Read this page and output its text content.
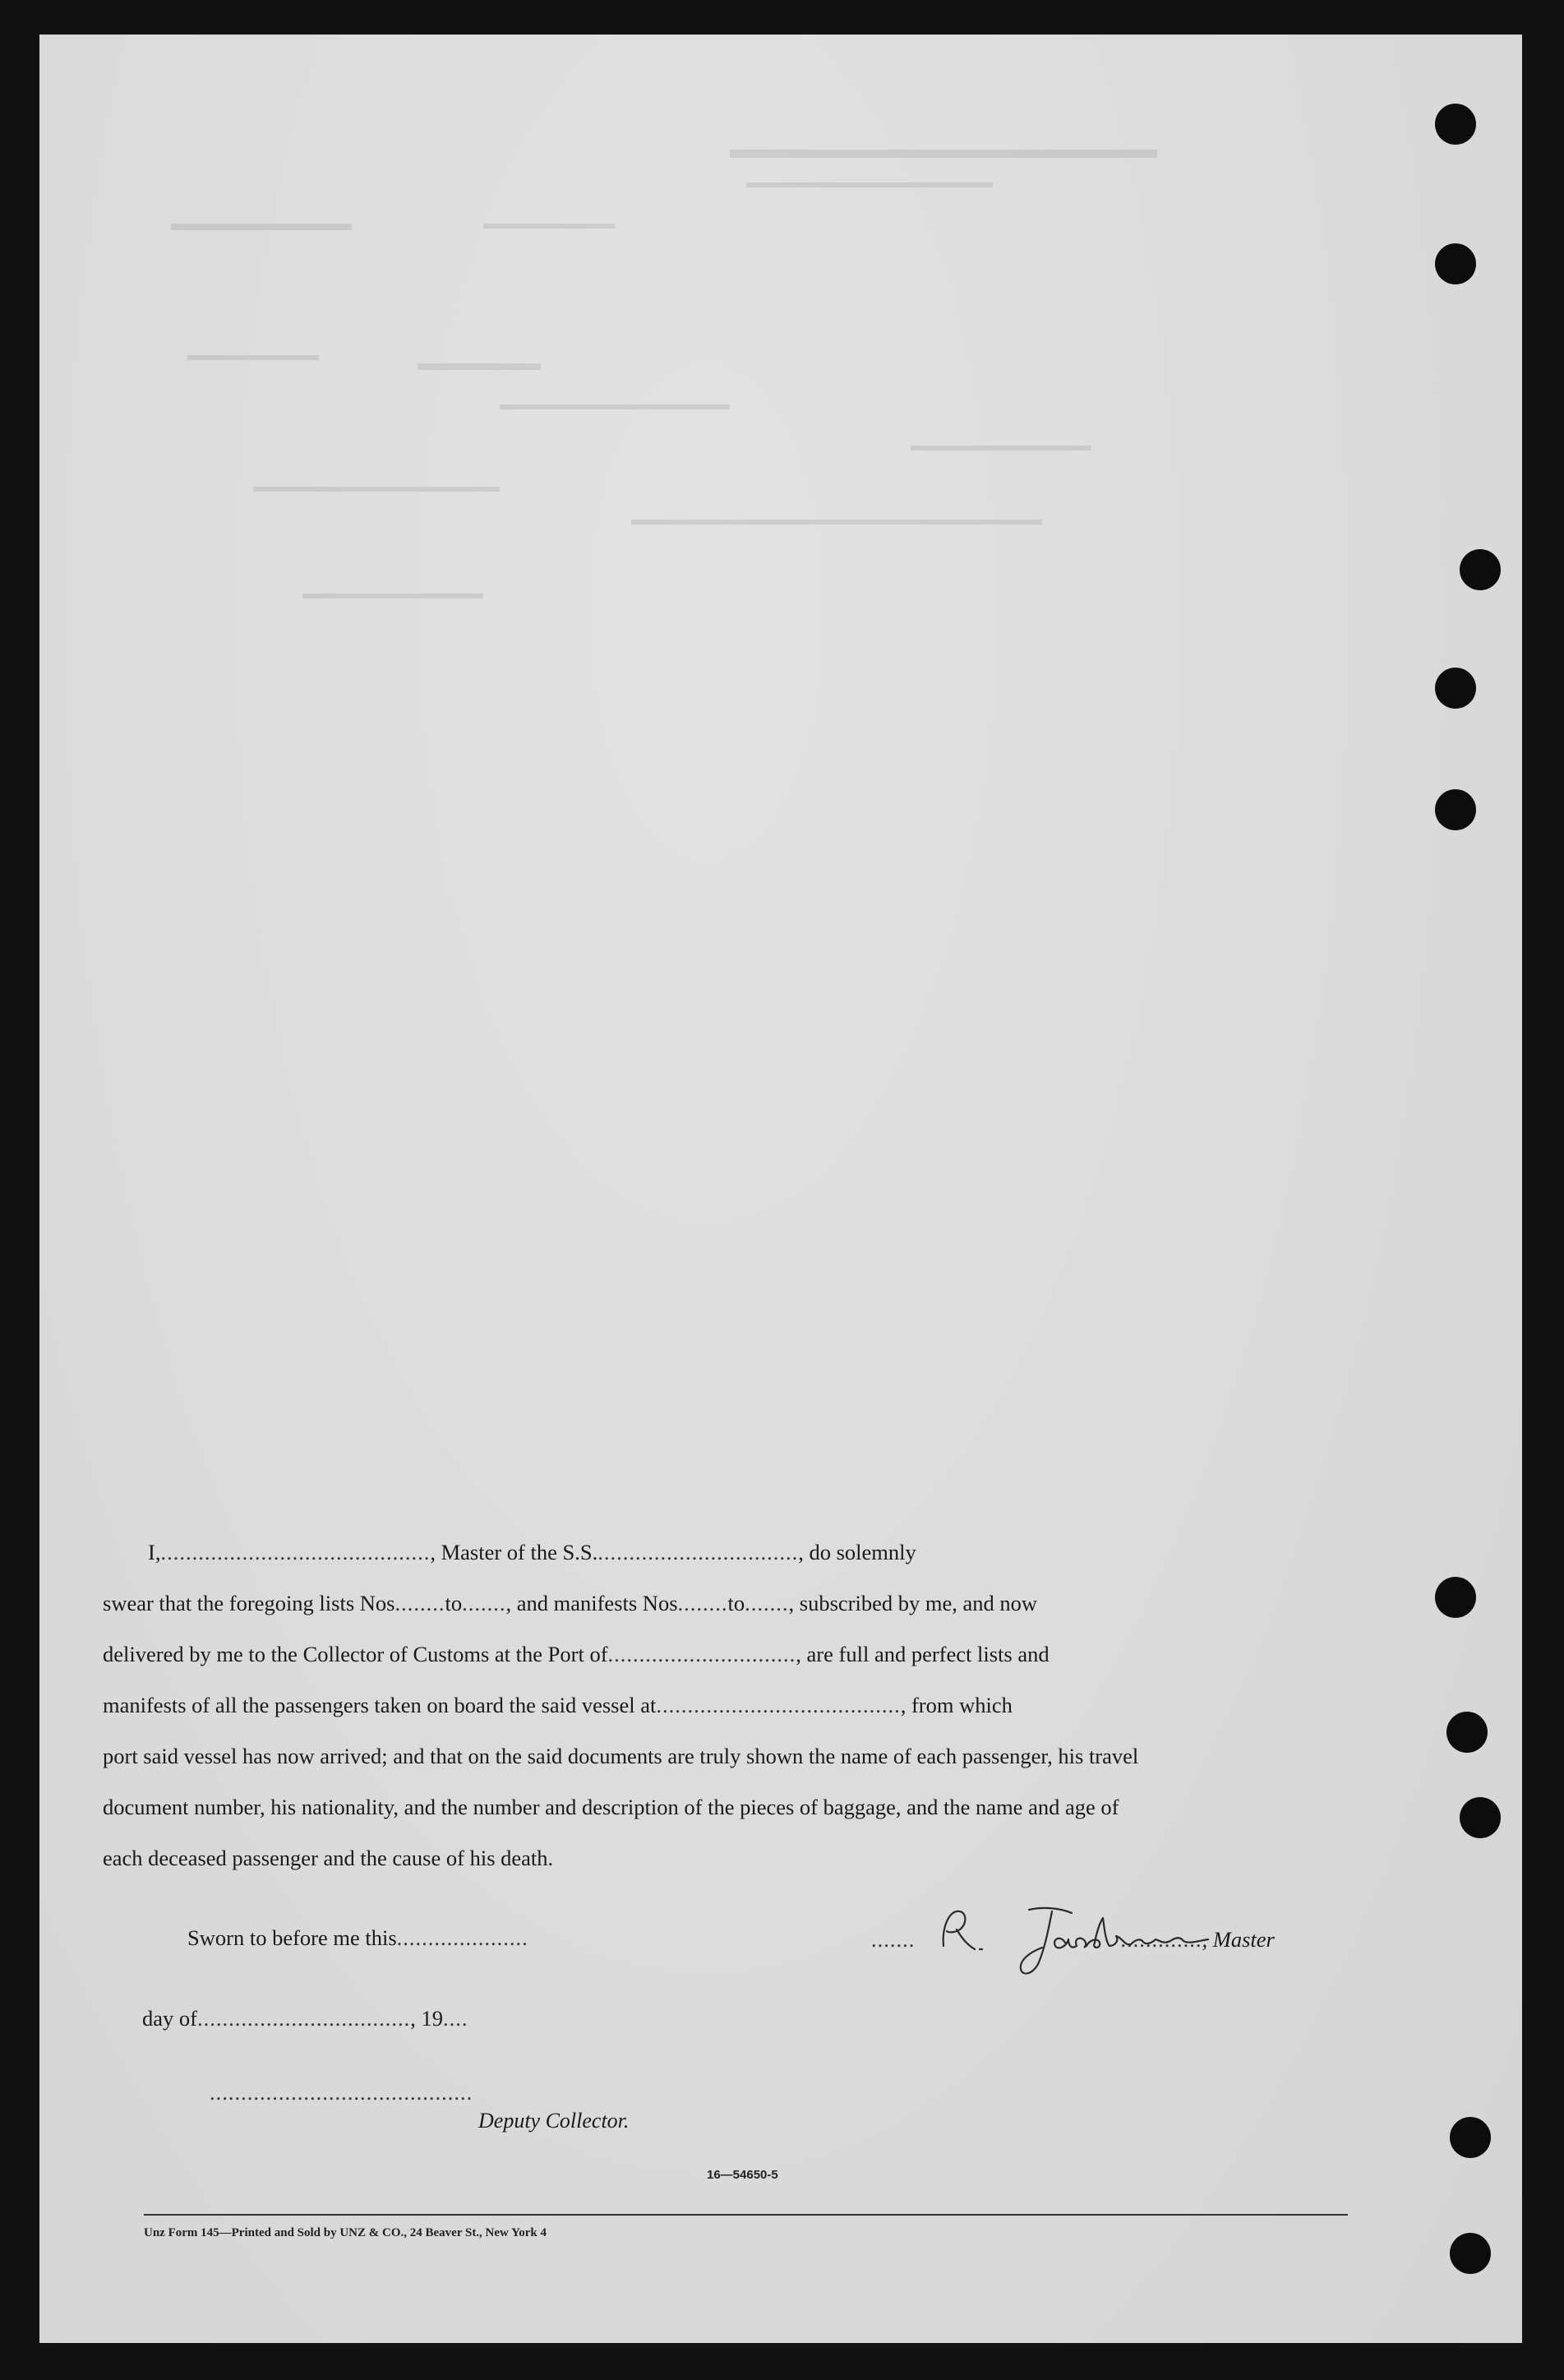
I,..........................................., Master of the S.S................................., do solemnly
swear that the foregoing lists Nos........to......., and manifests Nos........to......., subscribed by me, and now
delivered by me to the Collector of Customs at the Port of.............................., are full and perfect lists and
manifests of all the passengers taken on board the said vessel at......................................., from which
port said vessel has now arrived; and that on the said documents are truly shown the name of each passenger, his travel
document number, his nationality, and the number and description of the pieces of baggage, and the name and age of
each deceased passenger and the cause of his death.
Sworn to before me this.....................	.......	............., Master
day of.................................., 19....
..........................................
Deputy Collector.
16—54650-5
Unz Form 145—Printed and Sold by UNZ & CO., 24 Beaver St., New York 4
